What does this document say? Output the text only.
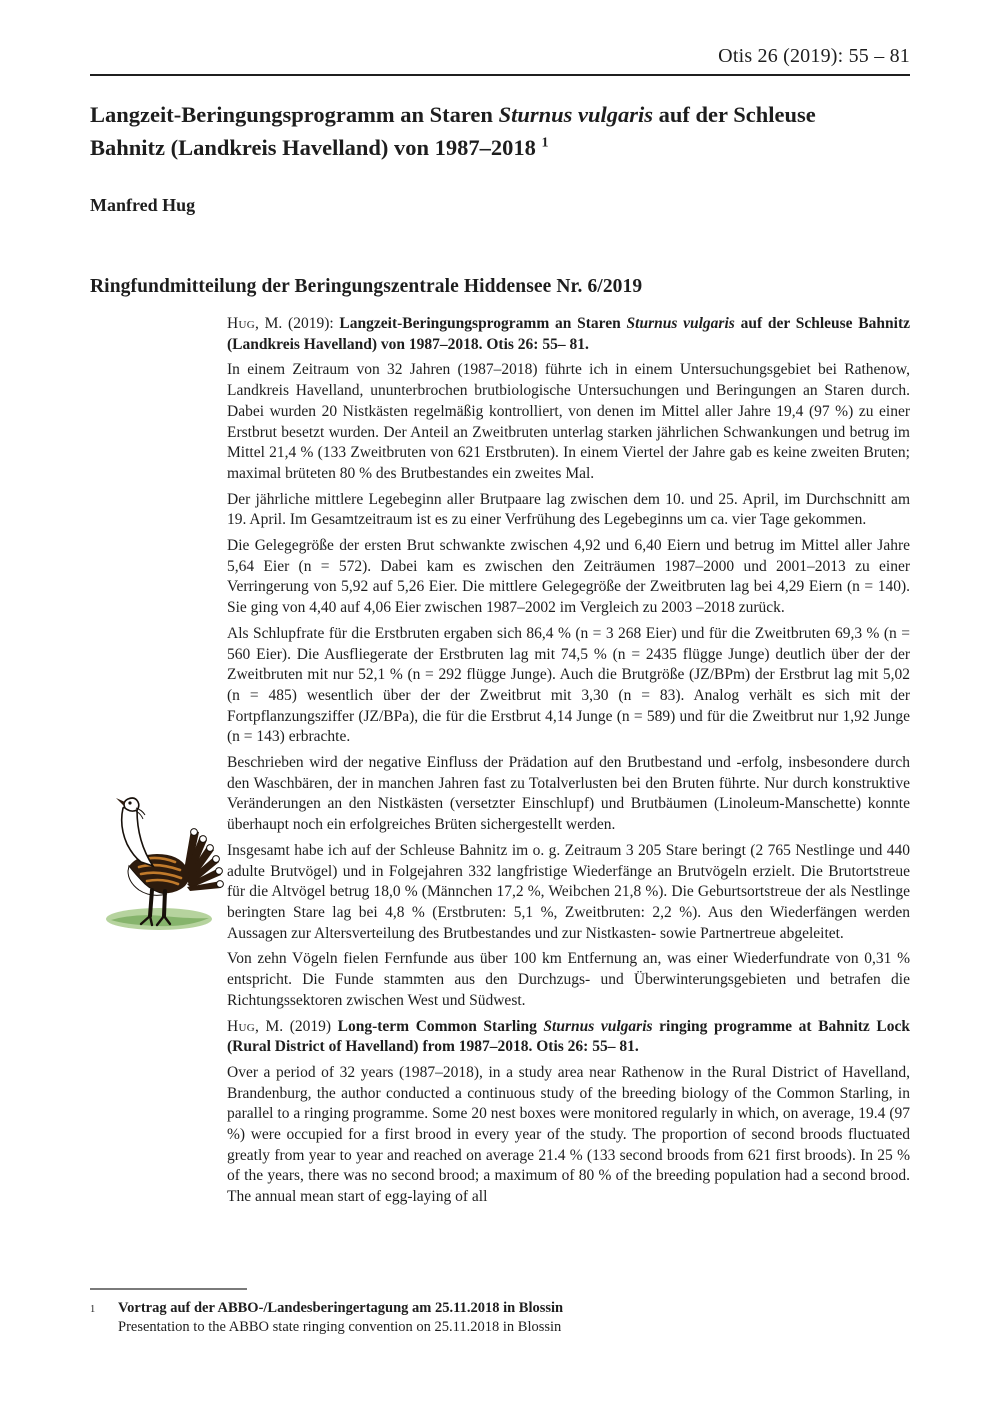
Otis 26 (2019): 55 – 81
Langzeit-Beringungsprogramm an Staren Sturnus vulgaris auf der Schleuse Bahnitz (Landkreis Havelland) von 1987–2018 $^1$
Manfred Hug
Ringfundmitteilung der Beringungszentrale Hiddensee Nr. 6/2019

Hug, M. (2019): Langzeit-Beringungsprogramm an Staren Sturnus vulgaris auf der Schleuse Bahnitz (Landkreis Havelland) von 1987–2018. Otis 26: 55– 81.

In einem Zeitraum von 32 Jahren (1987–2018) führte ich in einem Untersuchungsgebiet bei Rathenow, Landkreis Havelland, ununterbrochen brutbiologische Untersuchungen und Beringungen an Staren durch. Dabei wurden 20 Nistkästen regelmäßig kontrolliert, von denen im Mittel aller Jahre 19,4 (97 %) zu einer Erstbrut besetzt wurden. Der Anteil an Zweitbruten unterlag starken jährlichen Schwankungen und betrug im Mittel 21,4 % (133 Zweitbruten von 621 Erstbruten). In einem Viertel der Jahre gab es keine zweiten Bruten; maximal brüteten 80 % des Brutbestandes ein zweites Mal.

Der jährliche mittlere Legebeginn aller Brutpaare lag zwischen dem 10. und 25. April, im Durchschnitt am 19. April. Im Gesamtzeitraum ist es zu einer Verfrühung des Legebeginns um ca. vier Tage gekommen.

Die Gelegegröße der ersten Brut schwankte zwischen 4,92 und 6,40 Eiern und betrug im Mittel aller Jahre 5,64 Eier (n = 572). Dabei kam es zwischen den Zeiträumen 1987–2000 und 2001–2013 zu einer Verringerung von 5,92 auf 5,26 Eier. Die mittlere Gelegegröße der Zweitbruten lag bei 4,29 Eiern (n = 140). Sie ging von 4,40 auf 4,06 Eier zwischen 1987–2002 im Vergleich zu 2003 –2018 zurück.

Als Schlupfrate für die Erstbruten ergaben sich 86,4 % (n = 3 268 Eier) und für die Zweitbruten 69,3 % (n = 560 Eier). Die Ausfliegerate der Erstbruten lag mit 74,5 % (n = 2435 flügge Junge) deutlich über der der Zweitbruten mit nur 52,1 % (n = 292 flügge Junge). Auch die Brutgröße (JZ/BPm) der Erstbrut lag mit 5,02 (n = 485) wesentlich über der der Zweitbrut mit 3,30 (n = 83). Analog verhält es sich mit der Fortpflanzungsziffer (JZ/BPa), die für die Erstbrut 4,14 Junge (n = 589) und für die Zweitbrut nur 1,92 Junge (n = 143) erbrachte.

Beschrieben wird der negative Einfluss der Prädation auf den Brutbestand und -erfolg, insbesondere durch den Waschbären, der in manchen Jahren fast zu Totalverlusten bei den Bruten führte. Nur durch konstruktive Veränderungen an den Nistkästen (versetzter Einschlupf) und Brutbäumen (Linoleum-Manschette) konnte überhaupt noch ein erfolgreiches Brüten sichergestellt werden.

Insgesamt habe ich auf der Schleuse Bahnitz im o. g. Zeitraum 3 205 Stare beringt (2 765 Nestlinge und 440 adulte Brutvögel) und in Folgejahren 332 langfristige Wiederfänge an Brutvögeln erzielt. Die Brutortstreue für die Altvögel betrug 18,0 % (Männchen 17,2 %, Weibchen 21,8 %). Die Geburtsortstreue der als Nestlinge beringten Stare lag bei 4,8 % (Erstbruten: 5,1 %, Zweitbruten: 2,2 %). Aus den Wiederfängen werden Aussagen zur Altersverteilung des Brutbestandes und zur Nistkasten- sowie Partnertreue abgeleitet.

Von zehn Vögeln fielen Fernfunde aus über 100 km Entfernung an, was einer Wiederfundrate von 0,31 % entspricht. Die Funde stammten aus den Durchzugs- und Überwinterungsgebieten und betrafen die Richtungssektoren zwischen West und Südwest.

Hug, M. (2019) Long-term Common Starling Sturnus vulgaris ringing programme at Bahnitz Lock (Rural District of Havelland) from 1987–2018. Otis 26: 55– 81.

Over a period of 32 years (1987–2018), in a study area near Rathenow in the Rural District of Havelland, Brandenburg, the author conducted a continuous study of the breeding biology of the Common Starling, in parallel to a ringing programme. Some 20 nest boxes were monitored regularly in which, on average, 19.4 (97 %) were occupied for a first brood in every year of the study. The proportion of second broods fluctuated greatly from year to year and reached on average 21.4 % (133 second broods from 621 first broods). In 25 % of the years, there was no second brood; a maximum of 80 % of the breeding population had a second brood. The annual mean start of egg-laying of all

1	Vortrag auf der ABBO-/Landesberingertagung am 25.11.2018 in Blossin
Presentation to the ABBO state ringing convention on 25.11.2018 in Blossin
